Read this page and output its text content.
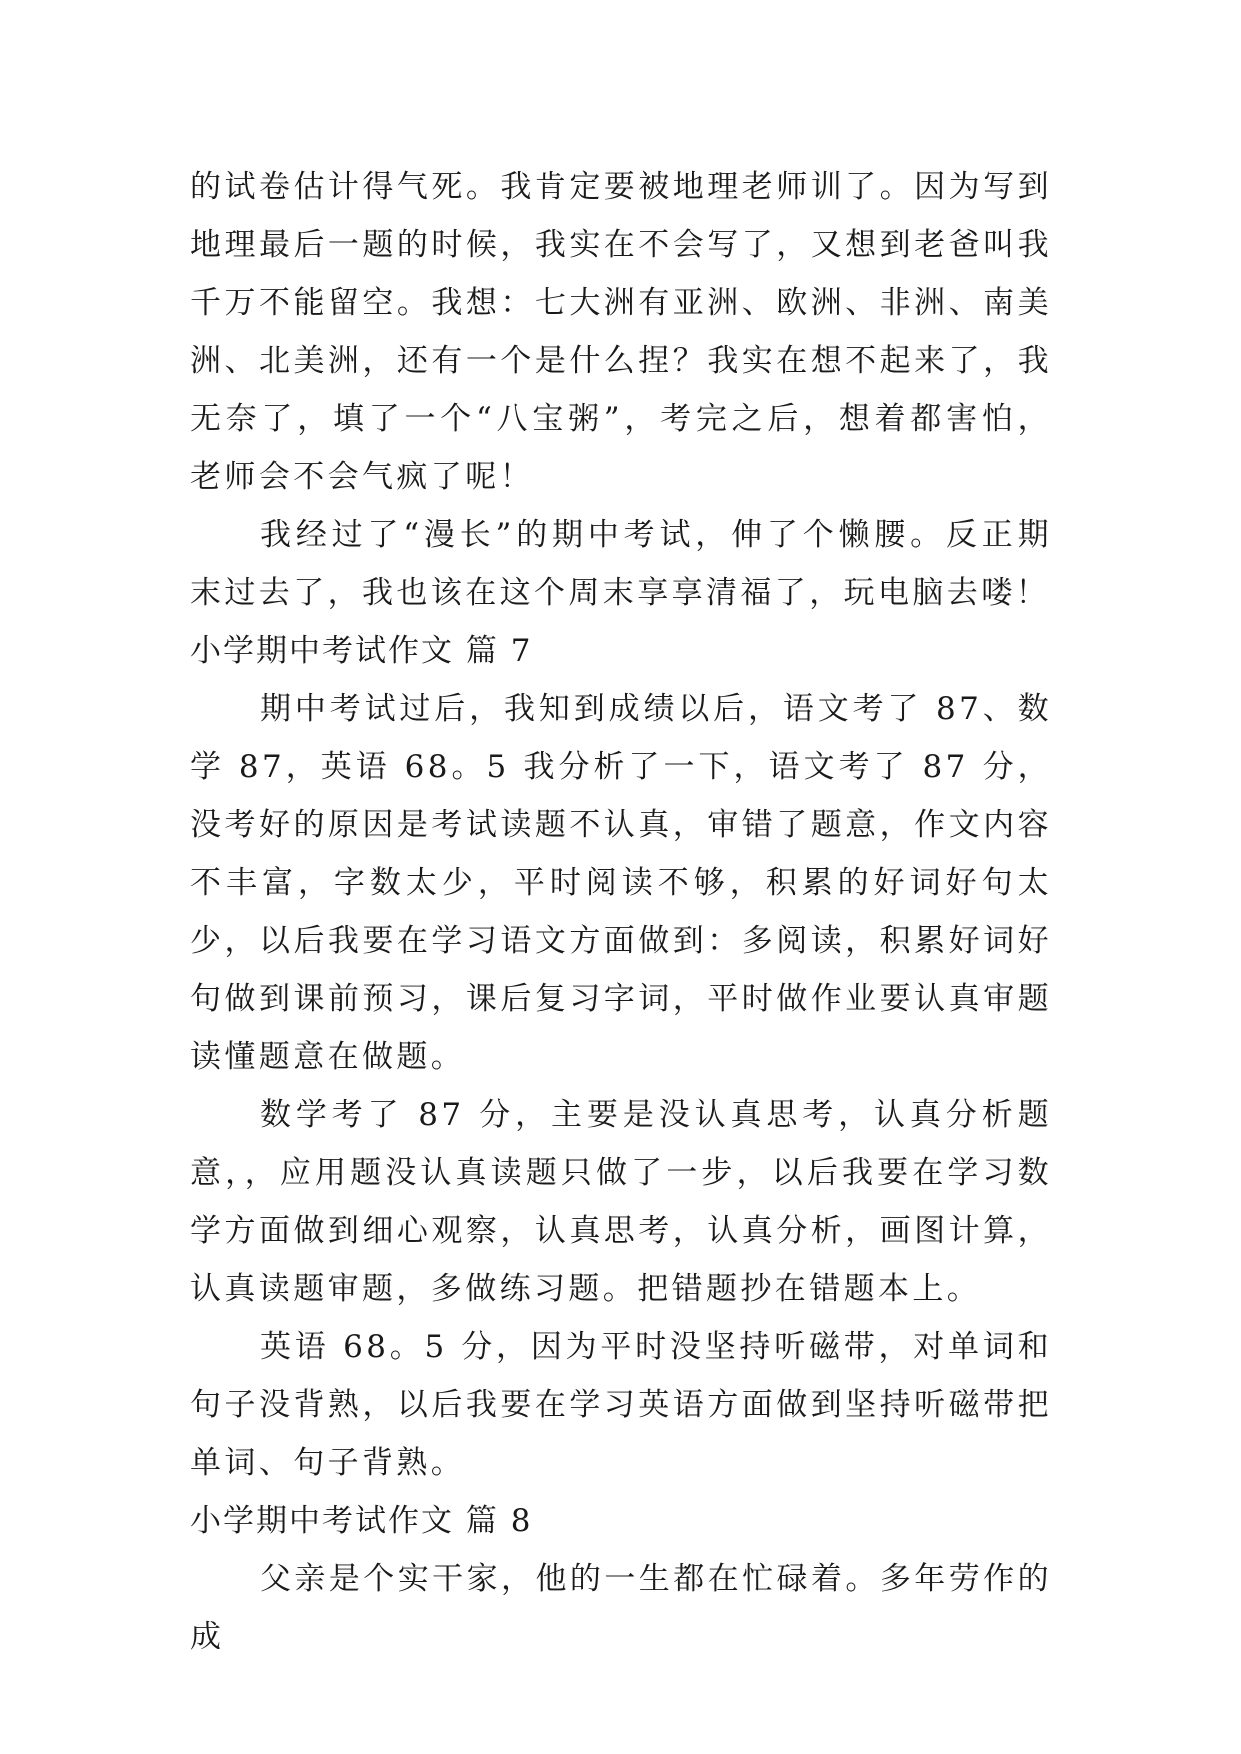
的试卷估计得气死。我肯定要被地理老师训了。因为写到地理最后一题的时候，我实在不会写了，又想到老爸叫我千万不能留空。我想：七大洲有亚洲、欧洲、非洲、南美洲、北美洲，还有一个是什么捏？我实在想不起来了，我无奈了，填了一个“八宝粥”，考完之后，想着都害怕，老师会不会气疯了呢！

我经过了“漫长”的期中考试，伸了个懒腰。反正期末过去了，我也该在这个周末享享清福了，玩电脑去喽！

小学期中考试作文 篇 7

期中考试过后，我知到成绩以后，语文考了 87、数学 87，英语 68。5 我分析了一下，语文考了 87 分，没考好的原因是考试读题不认真，审错了题意，作文内容不丰富，字数太少，平时阅读不够，积累的好词好句太少，以后我要在学习语文方面做到：多阅读，积累好词好句做到课前预习，课后复习字词，平时做作业要认真审题读懂题意在做题。

数学考了 87 分，主要是没认真思考，认真分析题意，，应用题没认真读题只做了一步，以后我要在学习数学方面做到细心观察，认真思考，认真分析，画图计算，认真读题审题，多做练习题。把错题抄在错题本上。

英语 68。5 分，因为平时没坚持听磁带，对单词和句子没背熟，以后我要在学习英语方面做到坚持听磁带把单词、句子背熟。

小学期中考试作文 篇 8

父亲是个实干家，他的一生都在忙碌着。多年劳作的成
